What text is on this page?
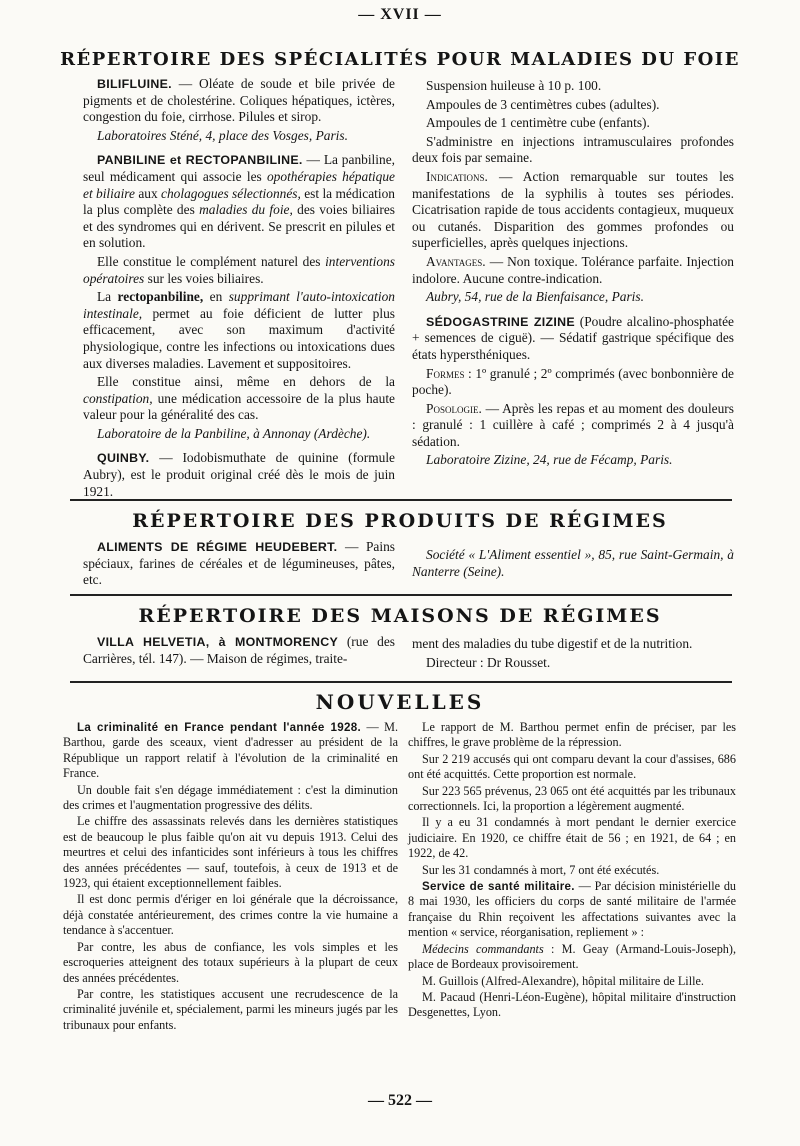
— XVII —
RÉPERTOIRE DES SPÉCIALITÉS POUR MALADIES DU FOIE

BILIFLUINE. — Oléate de soude et bile privée de pigments et de cholestérine. Coliques hépatiques, ictères, congestion du foie, cirrhose. Pilules et sirop.

Laboratoires Sténé, 4, place des Vosges, Paris.

PANBILINE et RECTOPANBILINE. — La panbiline, seul médicament qui associe les opothérapies hépatique et biliaire aux cholagogues sélectionnés, est la médication la plus complète des maladies du foie, des voies biliaires et des syndromes qui en dérivent. Se prescrit en pilules et en solution.

Elle constitue le complément naturel des interventions opératoires sur les voies biliaires.

La rectopanbiline, en supprimant l'auto-intoxication intestinale, permet au foie déficient de lutter plus efficacement, avec son maximum d'activité physiologique, contre les infections ou intoxications dues aux diverses maladies. Lavement et suppositoires.

Elle constitue ainsi, même en dehors de la constipation, une médication accessoire de la plus haute valeur pour la généralité des cas.

Laboratoire de la Panbiline, à Annonay (Ardèche).

QUINBY. — Iodobismuthate de quinine (formule Aubry), est le produit original créé dès le mois de juin 1921.

Suspension huileuse à 10 p. 100.

Ampoules de 3 centimètres cubes (adultes).

Ampoules de 1 centimètre cube (enfants).

S'administre en injections intramusculaires profondes deux fois par semaine.

Indications. — Action remarquable sur toutes les manifestations de la syphilis à toutes ses périodes. Cicatrisation rapide de tous accidents contagieux, muqueux ou cutanés. Disparition des gommes profondes ou superficielles, après quelques injections.

Avantages. — Non toxique. Tolérance parfaite. Injection indolore. Aucune contre-indication.

Aubry, 54, rue de la Bienfaisance, Paris.

SÉDOGASTRINE ZIZINE (Poudre alcalino-phosphatée + semences de ciguë). — Sédatif gastrique spécifique des états hypersthéniques.

Formes : 1º granulé ; 2º comprimés (avec bonbonnière de poche).

Posologie. — Après les repas et au moment des douleurs : granulé : 1 cuillère à café ; comprimés 2 à 4 jusqu'à sédation.

Laboratoire Zizine, 24, rue de Fécamp, Paris.

RÉPERTOIRE DES PRODUITS DE RÉGIMES

ALIMENTS DE RÉGIME HEUDEBERT. — Pains spéciaux, farines de céréales et de légumineuses, pâtes, etc.

Société « L'Aliment essentiel », 85, rue Saint-Germain, à Nanterre (Seine).

RÉPERTOIRE DES MAISONS DE RÉGIMES

VILLA HELVETIA, à MONTMORENCY (rue des Carrières, tél. 147). — Maison de régimes, traite-

ment des maladies du tube digestif et de la nutrition.

Directeur : Dr Rousset.

NOUVELLES

La criminalité en France pendant l'année 1928. — M. Barthou, garde des sceaux, vient d'adresser au président de la République un rapport relatif à l'évolution de la criminalité en France.

Un double fait s'en dégage immédiatement : c'est la diminution des crimes et l'augmentation progressive des délits.

Le chiffre des assassinats relevés dans les dernières statistiques est de beaucoup le plus faible qu'on ait vu depuis 1913. Celui des meurtres et celui des infanticides sont inférieurs à tous les chiffres des années précédentes — sauf, toutefois, à ceux de 1913 et de 1923, qui étaient exceptionnellement faibles.

Il est donc permis d'ériger en loi générale que la décroissance, déjà constatée antérieurement, des crimes contre la vie humaine a tendance à s'accentuer.

Par contre, les abus de confiance, les vols simples et les escroqueries atteignent des totaux supérieurs à la plupart de ceux des années précédentes.

Par contre, les statistiques accusent une recrudescence de la criminalité juvénile et, spécialement, parmi les mineurs jugés par les tribunaux pour enfants.

Le rapport de M. Barthou permet enfin de préciser, par les chiffres, le grave problème de la répression.

Sur 2 219 accusés qui ont comparu devant la cour d'assises, 686 ont été acquittés. Cette proportion est normale.

Sur 223 565 prévenus, 23 065 ont été acquittés par les tribunaux correctionnels. Ici, la proportion a légèrement augmenté.

Il y a eu 31 condamnés à mort pendant le dernier exercice judiciaire. En 1920, ce chiffre était de 56 ; en 1921, de 64 ; en 1922, de 42.

Sur les 31 condamnés à mort, 7 ont été exécutés.

Service de santé militaire. — Par décision ministérielle du 8 mai 1930, les officiers du corps de santé militaire de l'armée française du Rhin reçoivent les affectations suivantes avec la mention « service, réorganisation, repliement » :

Médecins commandants : M. Geay (Armand-Louis-Joseph), place de Bordeaux provisoirement.

M. Guillois (Alfred-Alexandre), hôpital militaire de Lille.

M. Pacaud (Henri-Léon-Eugène), hôpital militaire d'instruction Desgenettes, Lyon.

— 522 —
